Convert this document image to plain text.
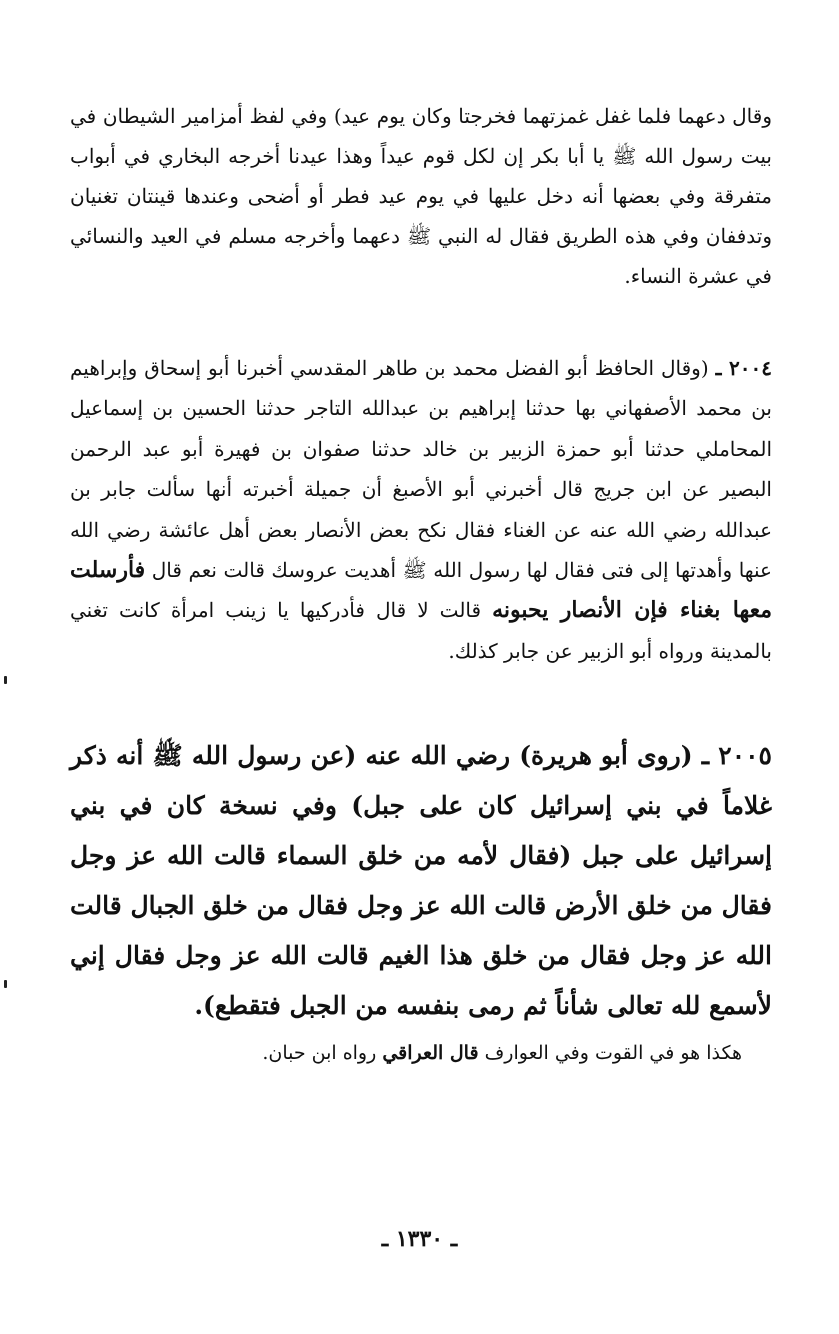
وقال دعهما فلما غفل غمزتهما فخرجتا وكان يوم عيد) وفي لفظ أمزامير الشيطان في بيت رسول الله ﷺ يا أبا بكر إن لكل قوم عيداً وهذا عيدنا أخرجه البخاري في أبواب متفرقة وفي بعضها أنه دخل عليها في يوم عيد فطر أو أضحى وعندها قينتان تغنيان وتدففان وفي هذه الطريق فقال له النبي ﷺ دعهما وأخرجه مسلم في العيد والنسائي في عشرة النساء.

٢٠٠٤ ـ (وقال الحافظ أبو الفضل محمد بن طاهر المقدسي أخبرنا أبو إسحاق وإبراهيم بن محمد الأصفهاني بها حدثنا إبراهيم بن عبدالله التاجر حدثنا الحسين بن إسماعيل المحاملي حدثنا أبو حمزة الزبير بن خالد حدثنا صفوان بن فهيرة أبو عبد الرحمن البصير عن ابن جريج قال أخبرني أبو الأصبغ أن جميلة أخبرته أنها سألت جابر بن عبدالله رضي الله عنه عن الغناء فقال نكح بعض الأنصار بعض أهل عائشة رضي الله عنها وأهدتها إلى فتى فقال لها رسول الله ﷺ أهديت عروسك قالت نعم قال فأرسلت معها بغناء فإن الأنصار يحبونه قالت لا قال فأدركيها يا زينب امرأة كانت تغني بالمدينة ورواه أبو الزبير عن جابر كذلك.

٢٠٠٥ ـ (روى أبو هريرة) رضي الله عنه (عن رسول الله ﷺ أنه ذكر غلاماً في بني إسرائيل كان على جبل) وفي نسخة كان في بني إسرائيل على جبل (فقال لأمه من خلق السماء قالت الله عز وجل فقال من خلق الأرض قالت الله عز وجل فقال من خلق الجبال قالت الله عز وجل فقال من خلق هذا الغيم قالت الله عز وجل فقال إني لأسمع لله تعالى شأناً ثم رمى بنفسه من الجبل فتقطع).

هكذا هو في القوت وفي العوارف قال العراقي رواه ابن حبان.

ـ ١٣٣٠ ـ
